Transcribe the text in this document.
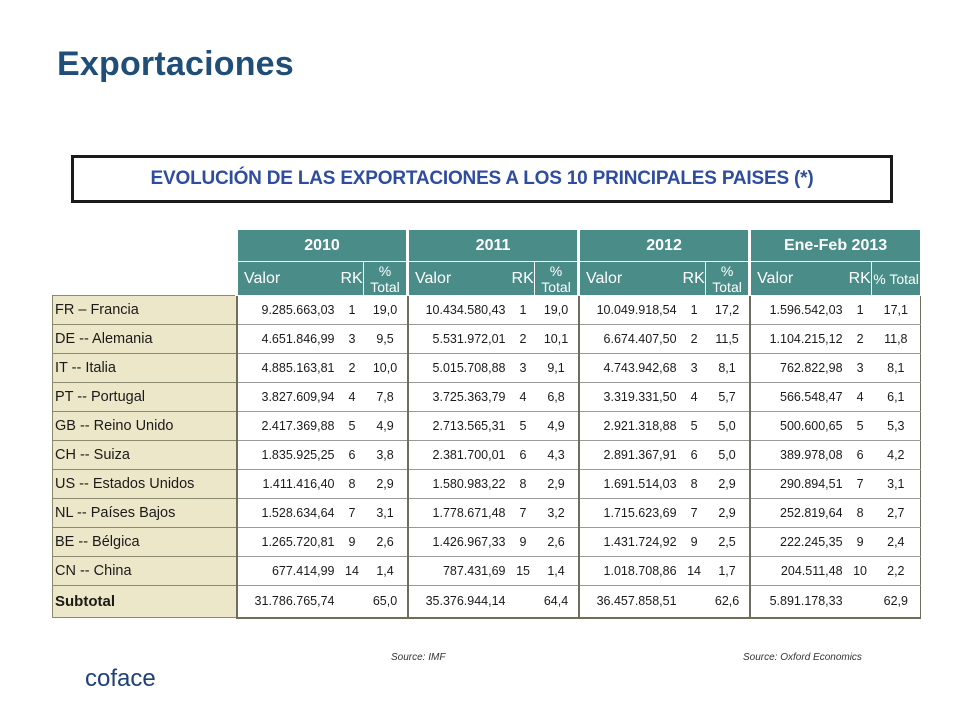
Exportaciones
EVOLUCIÓN DE LAS EXPORTACIONES A LOS 10 PRINCIPALES PAISES (*)
	2010			2011			2012			Ene-Feb 2013		
	Valor	RK	% Total	Valor	RK	% Total	Valor	RK	% Total	Valor	RK	% Total
FR – Francia	9.285.663,03	1	19,0	10.434.580,43	1	19,0	10.049.918,54	1	17,2	1.596.542,03	1	17,1
DE -- Alemania	4.651.846,99	3	9,5	5.531.972,01	2	10,1	6.674.407,50	2	11,5	1.104.215,12	2	11,8
IT -- Italia	4.885.163,81	2	10,0	5.015.708,88	3	9,1	4.743.942,68	3	8,1	762.822,98	3	8,1
PT -- Portugal	3.827.609,94	4	7,8	3.725.363,79	4	6,8	3.319.331,50	4	5,7	566.548,47	4	6,1
GB -- Reino Unido	2.417.369,88	5	4,9	2.713.565,31	5	4,9	2.921.318,88	5	5,0	500.600,65	5	5,3
CH -- Suiza	1.835.925,25	6	3,8	2.381.700,01	6	4,3	2.891.367,91	6	5,0	389.978,08	6	4,2
US -- Estados Unidos	1.411.416,40	8	2,9	1.580.983,22	8	2,9	1.691.514,03	8	2,9	290.894,51	7	3,1
NL -- Países Bajos	1.528.634,64	7	3,1	1.778.671,48	7	3,2	1.715.623,69	7	2,9	252.819,64	8	2,7
BE -- Bélgica	1.265.720,81	9	2,6	1.426.967,33	9	2,6	1.431.724,92	9	2,5	222.245,35	9	2,4
CN -- China	677.414,99	14	1,4	787.431,69	15	1,4	1.018.708,86	14	1,7	204.511,48	10	2,2
Subtotal	31.786.765,74		65,0	35.376.944,14		64,4	36.457.858,51		62,6	5.891.178,33		62,9
Source: IMF	Source: Oxford Economics
coface
